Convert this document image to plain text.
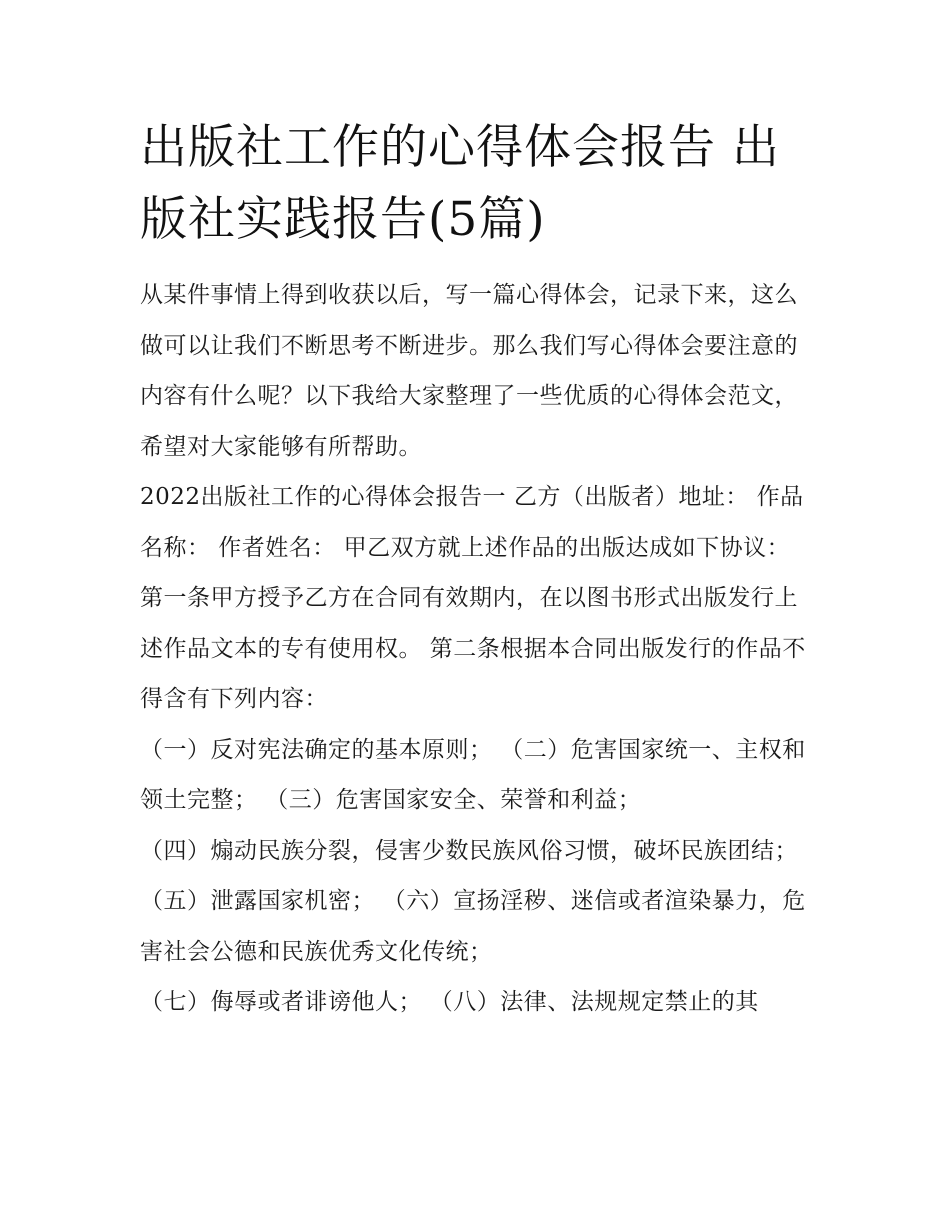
出版社工作的心得体会报告 出版社实践报告(5篇)

从某件事情上得到收获以后，写一篇心得体会，记录下来，这么做可以让我们不断思考不断进步。那么我们写心得体会要注意的内容有什么呢？以下我给大家整理了一些优质的心得体会范文，希望对大家能够有所帮助。

2022出版社工作的心得体会报告一 乙方（出版者）地址： 作品名称： 作者姓名： 甲乙双方就上述作品的出版达成如下协议：

第一条甲方授予乙方在合同有效期内，在以图书形式出版发行上述作品文本的专有使用权。 第二条根据本合同出版发行的作品不得含有下列内容：

（一）反对宪法确定的基本原则； （二）危害国家统一、主权和领土完整； （三）危害国家安全、荣誉和利益；

（四）煽动民族分裂，侵害少数民族风俗习惯，破坏民族团结； （五）泄露国家机密； （六）宣扬淫秽、迷信或者渲染暴力，危害社会公德和民族优秀文化传统；

（七）侮辱或者诽谤他人； （八）法律、法规规定禁止的其
